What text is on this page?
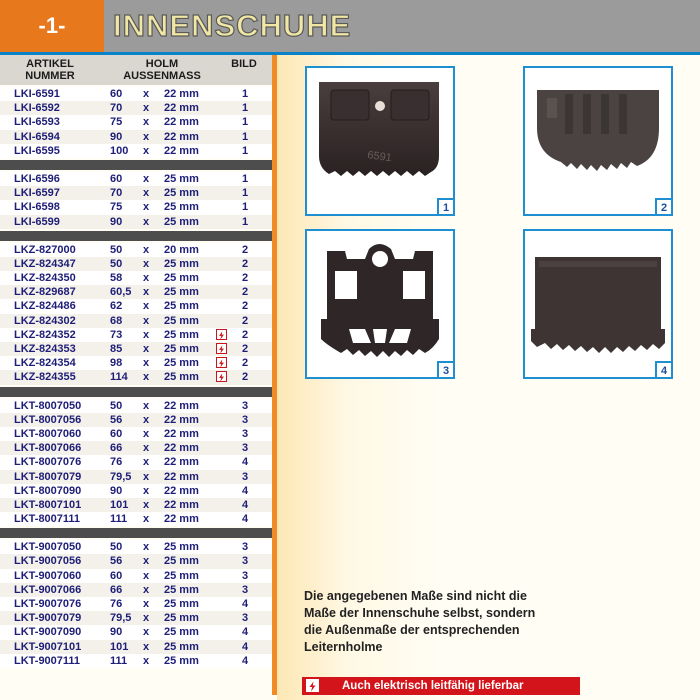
-1-	INNENSCHUHE
ARTIKEL
NUMMER
HOLM
AUSSENMASS
BILD
LKI-6591	60	x 22 mm	1
LKI-6592	70	x 22 mm	1
LKI-6593	75	x 22 mm	1
LKI-6594	90	x 22 mm	1
LKI-6595	100	x 22 mm	1
LKI-6596	60	x 25 mm	1
LKI-6597	70	x 25 mm	1
LKI-6598	75	x 25 mm	1
LKI-6599	90	x 25 mm	1
LKZ-827000	50	x 20 mm	2
LKZ-824347	50	x 25 mm	2
LKZ-824350	58	x 25 mm	2
LKZ-829687	60,5	x 25 mm	2
LKZ-824486	62	x 25 mm	2
LKZ-824302	68	x 25 mm	2
LKZ-824352	73	x 25 mm	2
LKZ-824353	85	x 25 mm	2
LKZ-824354	98	x 25 mm	2
LKZ-824355	114	x 25 mm	2
LKT-8007050	50	x 22 mm	3
LKT-8007056	56	x 22 mm	3
LKT-8007060	60	x 22 mm	3
LKT-8007066	66	x 22 mm	3
LKT-8007076	76	x 22 mm	4
LKT-8007079	79,5	x 22 mm	3
LKT-8007090	90	x 22 mm	4
LKT-8007101	101	x 22 mm	4
LKT-8007111	111	x 22 mm	4
LKT-9007050	50	x 25 mm	3
LKT-9007056	56	x 25 mm	3
LKT-9007060	60	x 25 mm	3
LKT-9007066	66	x 25 mm	3
LKT-9007076	76	x 25 mm	4
LKT-9007079	79,5	x 25 mm	3
LKT-9007090	90	x 25 mm	4
LKT-9007101	101	x 25 mm	4
LKT-9007111	111	x 25 mm	4
6591
1	2
3	4
Die angegebenen Maße sind nicht die
Maße der Innenschuhe selbst, sondern
die Außenmaße der entsprechenden
Leiternholme
Auch elektrisch leitfähig lieferbar
